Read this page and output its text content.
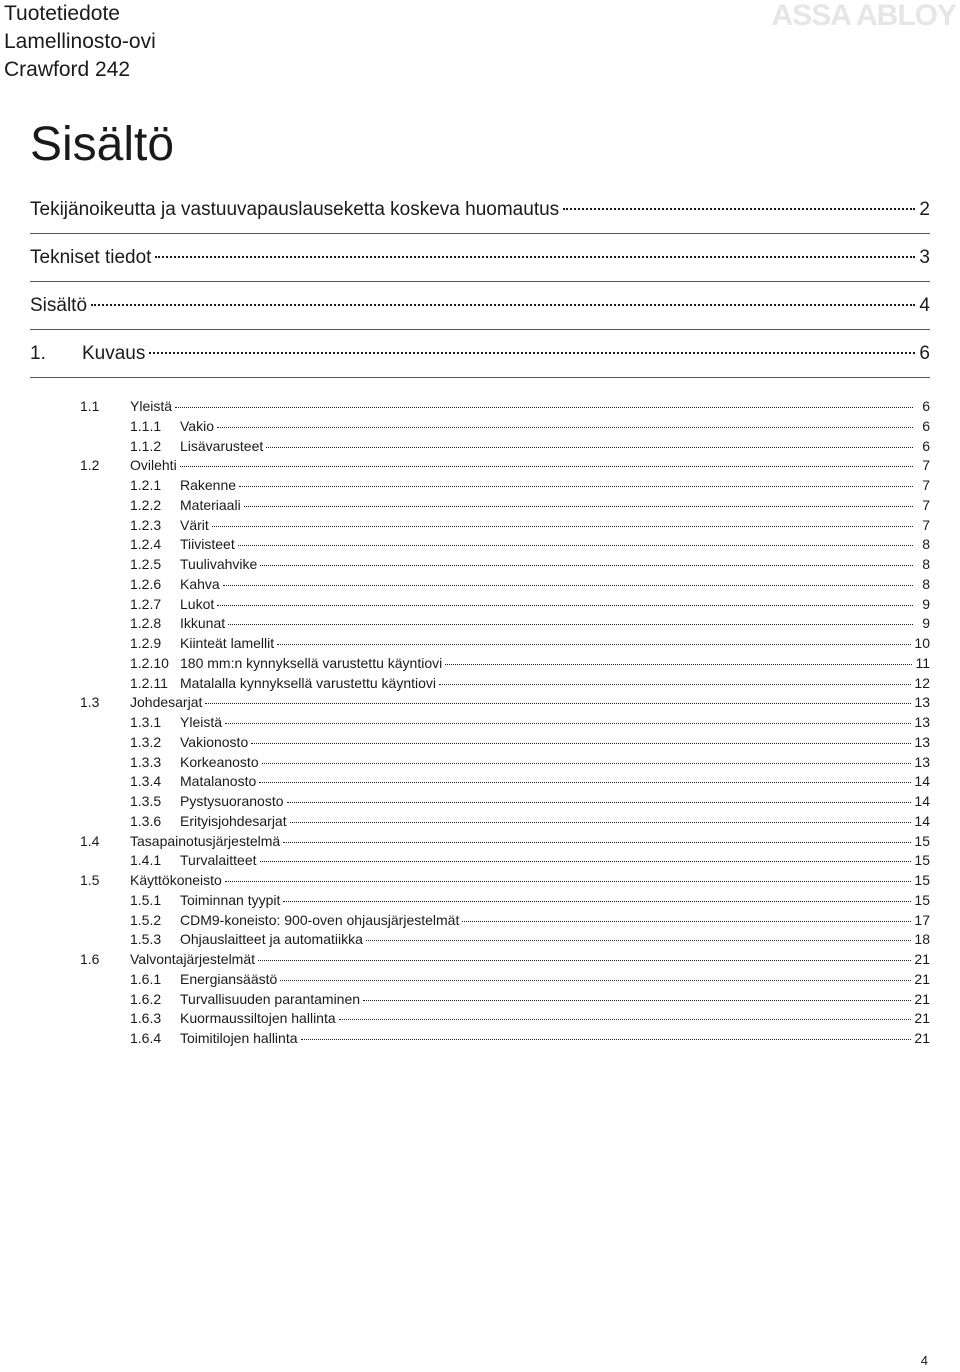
Tuotetiedote
Lamellinosto-ovi
Crawford 242
ASSA ABLOY
Sisältö
Tekijänoikeutta ja vastuuvapauslauseketta koskeva huomautus	2
Tekniset tiedot	3
Sisältö	4
1.	Kuvaus	6
1.1	Yleistä	6
1.1.1	Vakio	6
1.1.2	Lisävarusteet	6
1.2	Ovilehti	7
1.2.1	Rakenne	7
1.2.2	Materiaali	7
1.2.3	Värit	7
1.2.4	Tiivisteet	8
1.2.5	Tuulivahvike	8
1.2.6	Kahva	8
1.2.7	Lukot	9
1.2.8	Ikkunat	9
1.2.9	Kiinteät lamellit	10
1.2.10 180 mm:n kynnyksellä varustettu käyntiovi	11
1.2.11 Matalalla kynnyksellä varustettu käyntiovi	12
1.3	Johdesarjat	13
1.3.1	Yleistä	13
1.3.2	Vakionosto	13
1.3.3	Korkeanosto	13
1.3.4	Matalanosto	14
1.3.5	Pystysuoranosto	14
1.3.6	Erityisjohdesarjat	14
1.4	Tasapainotusjärjestelmä	15
1.4.1	Turvalaitteet	15
1.5	Käyttökoneisto	15
1.5.1	Toiminnan tyypit	15
1.5.2	CDM9-koneisto: 900-oven ohjausjärjestelmät	17
1.5.3	Ohjauslaitteet ja automatiikka	18
1.6	Valvontajärjestelmät	21
1.6.1	Energiansäästö	21
1.6.2	Turvallisuuden parantaminen	21
1.6.3	Kuormaussiltojen hallinta	21
1.6.4	Toimitilojen hallinta	21
4
